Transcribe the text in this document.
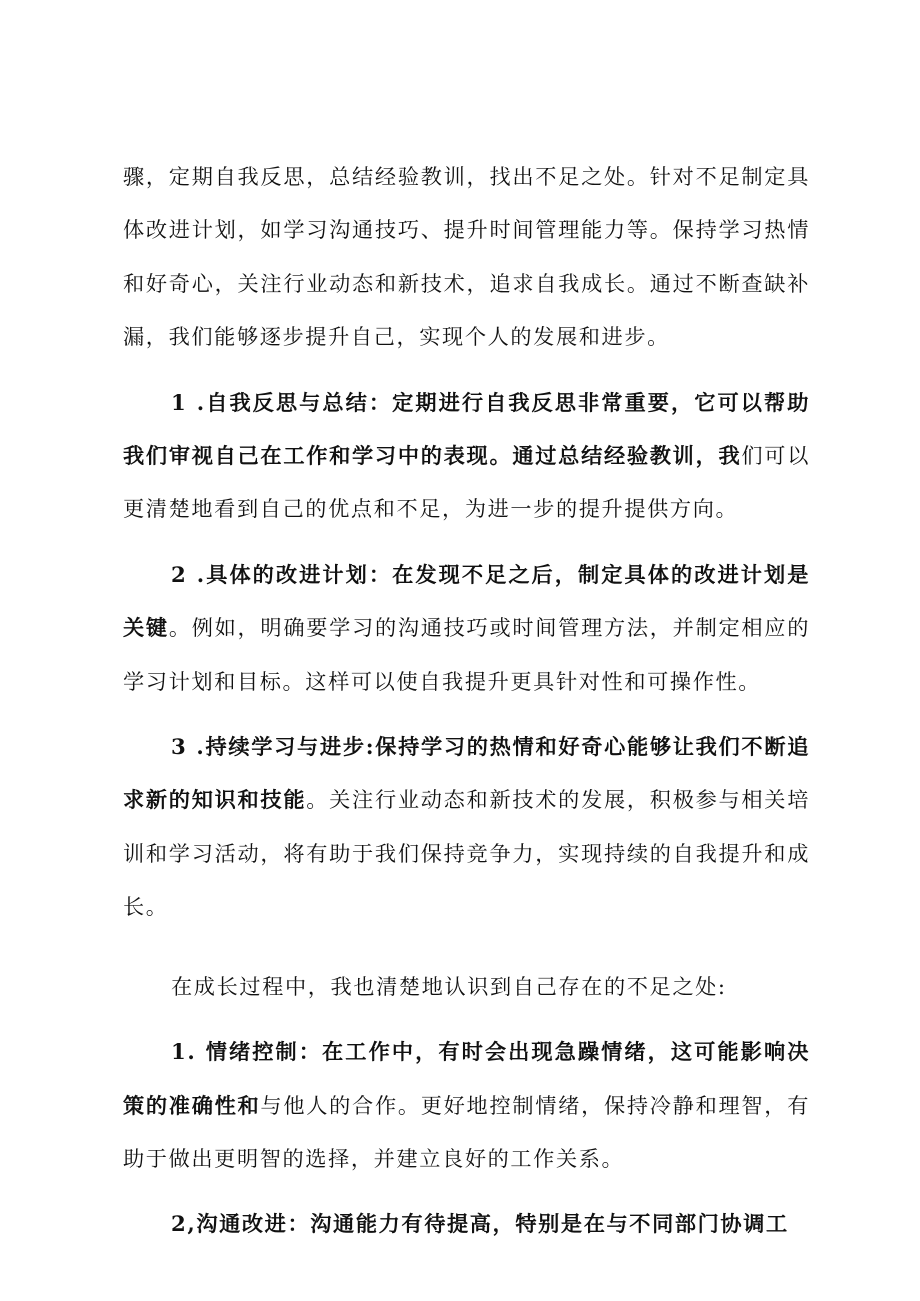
骤，定期自我反思，总结经验教训，找出不足之处。针对不足制定具体改进计划，如学习沟通技巧、提升时间管理能力等。保持学习热情和好奇心，关注行业动态和新技术，追求自我成长。通过不断查缺补漏，我们能够逐步提升自己，实现个人的发展和进步。

1 .自我反思与总结：定期进行自我反思非常重要，它可以帮助我们审视自己在工作和学习中的表现。通过总结经验教训，我们可以更清楚地看到自己的优点和不足，为进一步的提升提供方向。

2 .具体的改进计划：在发现不足之后，制定具体的改进计划是关键。例如，明确要学习的沟通技巧或时间管理方法，并制定相应的学习计划和目标。这样可以使自我提升更具针对性和可操作性。

3 .持续学习与进步:保持学习的热情和好奇心能够让我们不断追求新的知识和技能。关注行业动态和新技术的发展，积极参与相关培训和学习活动，将有助于我们保持竞争力，实现持续的自我提升和成长。

在成长过程中，我也清楚地认识到自己存在的不足之处:

1. 情绪控制：在工作中，有时会出现急躁情绪，这可能影响决策的准确性和与他人的合作。更好地控制情绪，保持冷静和理智，有助于做出更明智的选择，并建立良好的工作关系。

2,沟通改进：沟通能力有待提高，特别是在与不同部门协调工
